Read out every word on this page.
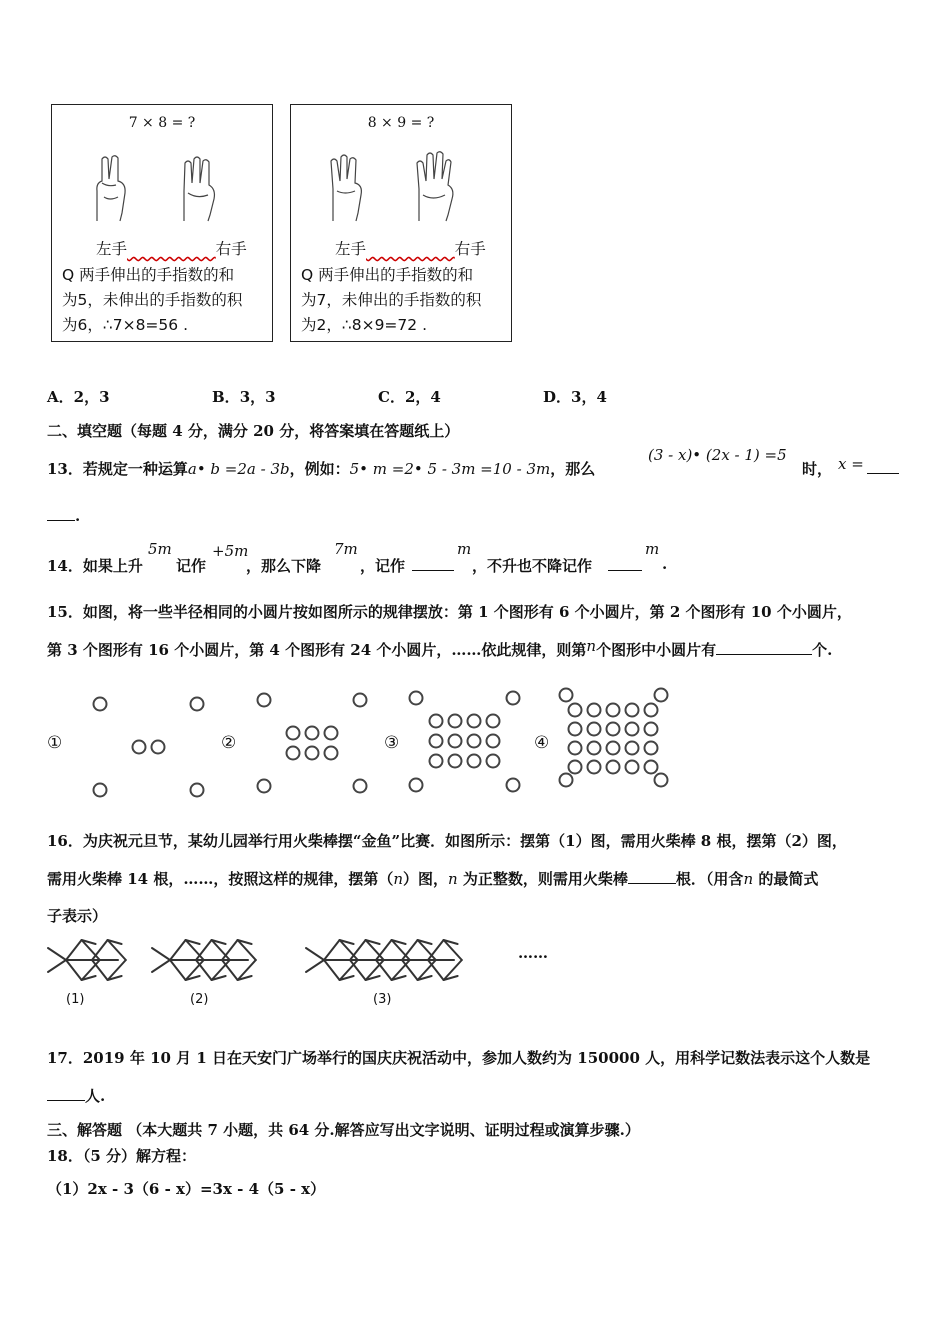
7 × 8 = ?
左手	右手
Q 两手伸出的手指数的和
为5，未伸出的手指数的积
为6，∴7×8=56 .
8 × 9 = ?
左手	右手
Q 两手伸出的手指数的和
为7，未伸出的手指数的积
为2，∴8×9=72 .
A．2，3	B．3，3	C．2，4	D．3，4
二、填空题（每题 4 分，满分 20 分，将答案填在答题纸上）
13．若规定一种运算a• b =2a - 3b，例如：5• m =2• 5 - 3m =10 - 3m，那么
(3 - x)• (2x - 1) =5
时， x =
.
14．如果上升
5m
记作
+5m
，那么下降
7m
，记作
m
，不升也不降记作
m
.
15．如图，将一些半径相同的小圆片按如图所示的规律摆放：第 1 个图形有 6 个小圆片，第 2 个图形有 10 个小圆片，
第 3 个图形有 16 个小圆片，第 4 个图形有 24 个小圆片，……依此规律，则第n个图形中小圆片有	个.
①	②	③	④
16．为庆祝元旦节，某幼儿园举行用火柴棒摆“金鱼”比赛．如图所示：摆第（1）图，需用火柴棒 8 根，摆第（2）图，
需用火柴棒 14 根，……，按照这样的规律，摆第（n）图，n 为正整数，则需用火柴棒	根．（用含n 的最简式
子表示）
(1)	(2)	(3)
……
17．2019 年 10 月 1 日在天安门广场举行的国庆庆祝活动中，参加人数约为 150000 人，用科学记数法表示这个人数是
人.
三、解答题 （本大题共 7 小题，共 64 分.解答应写出文字说明、证明过程或演算步骤.）
18．（5 分）解方程：
（1）2x - 3（6 - x）=3x - 4（5 - x）
